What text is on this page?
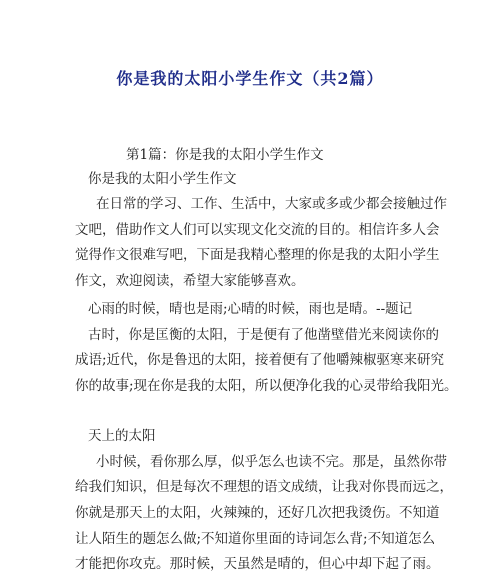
你是我的太阳小学生作文（共2篇）
第1篇：你是我的太阳小学生作文
你是我的太阳小学生作文
在日常的学习、工作、生活中，大家或多或少都会接触过作
文吧，借助作文人们可以实现文化交流的目的。相信许多人会
觉得作文很难写吧，下面是我精心整理的你是我的太阳小学生
作文，欢迎阅读，希望大家能够喜欢。
心雨的时候，晴也是雨;心晴的时候，雨也是晴。--题记
古时，你是匡衡的太阳，于是便有了他凿壁借光来阅读你的
成语;近代，你是鲁迅的太阳，接着便有了他嚼辣椒驱寒来研究
你的故事;现在你是我的太阳，所以便净化我的心灵带给我阳光。
天上的太阳
小时候，看你那么厚，似乎怎么也读不完。那是，虽然你带
给我们知识，但是每次不理想的语文成绩，让我对你畏而远之，
你就是那天上的太阳，火辣辣的，还好几次把我烫伤。不知道
让人陌生的题怎么做;不知道你里面的诗词怎么背;不知道怎么
才能把你攻克。那时候，天虽然是晴的，但心中却下起了雨。
